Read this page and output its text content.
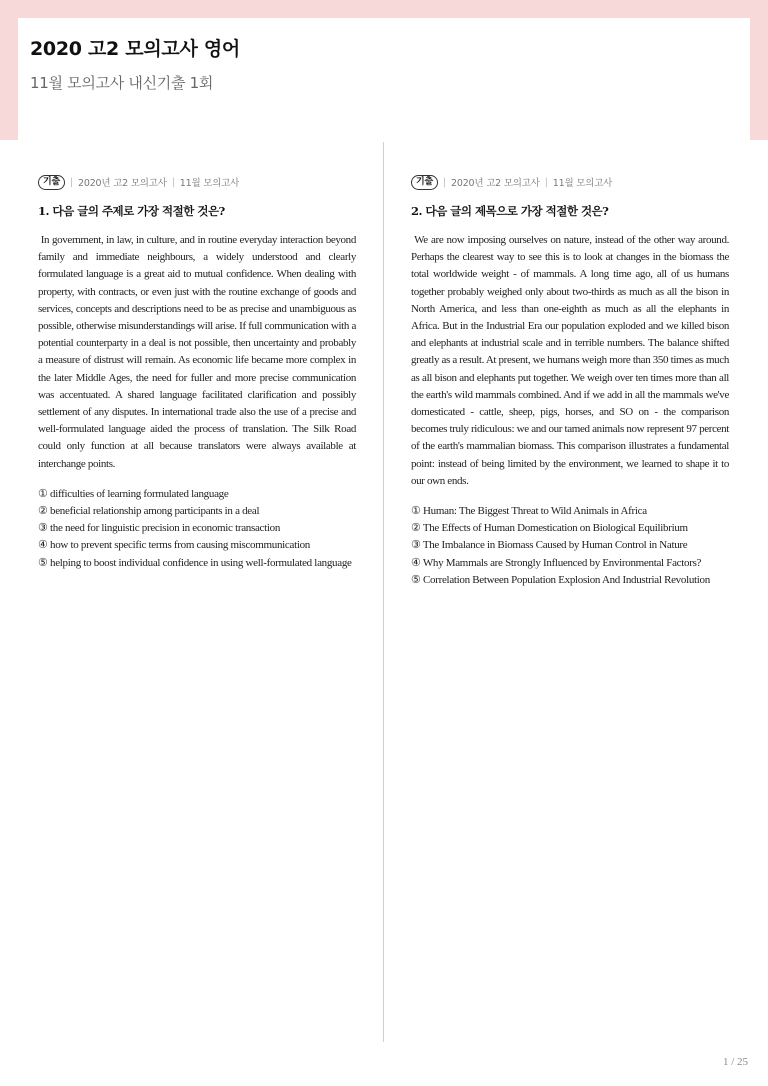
2020 고2 모의고사 영어
11월 모의고사 내신기출 1회
기출	| 2020년 고2 모의고사 | 11월 모의고사
1. 다음 글의 주제로 가장 적절한 것은?

In government, in law, in culture, and in routine everyday interaction beyond family and immediate neighbours, a widely understood and clearly formulated language is a great aid to mutual confidence. When dealing with property, with contracts, or even just with the routine exchange of goods and services, concepts and descriptions need to be as precise and unambiguous as possible, otherwise misunderstandings will arise. If full communication with a potential counterparty in a deal is not possible, then uncertainty and probably a measure of distrust will remain. As economic life became more complex in the later Middle Ages, the need for fuller and more precise communication was accentuated. A shared language facilitated clarification and possibly settlement of any disputes. In international trade also the use of a precise and well-formulated language aided the process of translation. The Silk Road could only function at all because translators were always available at interchange points.

① difficulties of learning formulated language
② beneficial relationship among participants in a deal
③ the need for linguistic precision in economic transaction
④ how to prevent specific terms from causing miscommunication
⑤ helping to boost individual confidence in using well-formulated language
기출	| 2020년 고2 모의고사 | 11월 모의고사
2. 다음 글의 제목으로 가장 적절한 것은?

We are now imposing ourselves on nature, instead of the other way around. Perhaps the clearest way to see this is to look at changes in the biomass the total worldwide weight - of mammals. A long time ago, all of us humans together probably weighed only about two-thirds as much as all the bison in North America, and less than one-eighth as much as all the elephants in Africa. But in the Industrial Era our population exploded and we killed bison and elephants at industrial scale and in terrible numbers. The balance shifted greatly as a result. At present, we humans weigh more than 350 times as much as all bison and elephants put together. We weigh over ten times more than all the earth's wild mammals combined. And if we add in all the mammals we've domesticated - cattle, sheep, pigs, horses, and SO on - the comparison becomes truly ridiculous: we and our tamed animals now represent 97 percent of the earth's mammalian biomass. This comparison illustrates a fundamental point: instead of being limited by the environment, we learned to shape it to our own ends.

① Human: The Biggest Threat to Wild Animals in Africa
② The Effects of Human Domestication on Biological Equilibrium
③ The Imbalance in Biomass Caused by Human Control in Nature
④ Why Mammals are Strongly Influenced by Environmental Factors?
⑤ Correlation Between Population Explosion And Industrial Revolution
1 / 25
